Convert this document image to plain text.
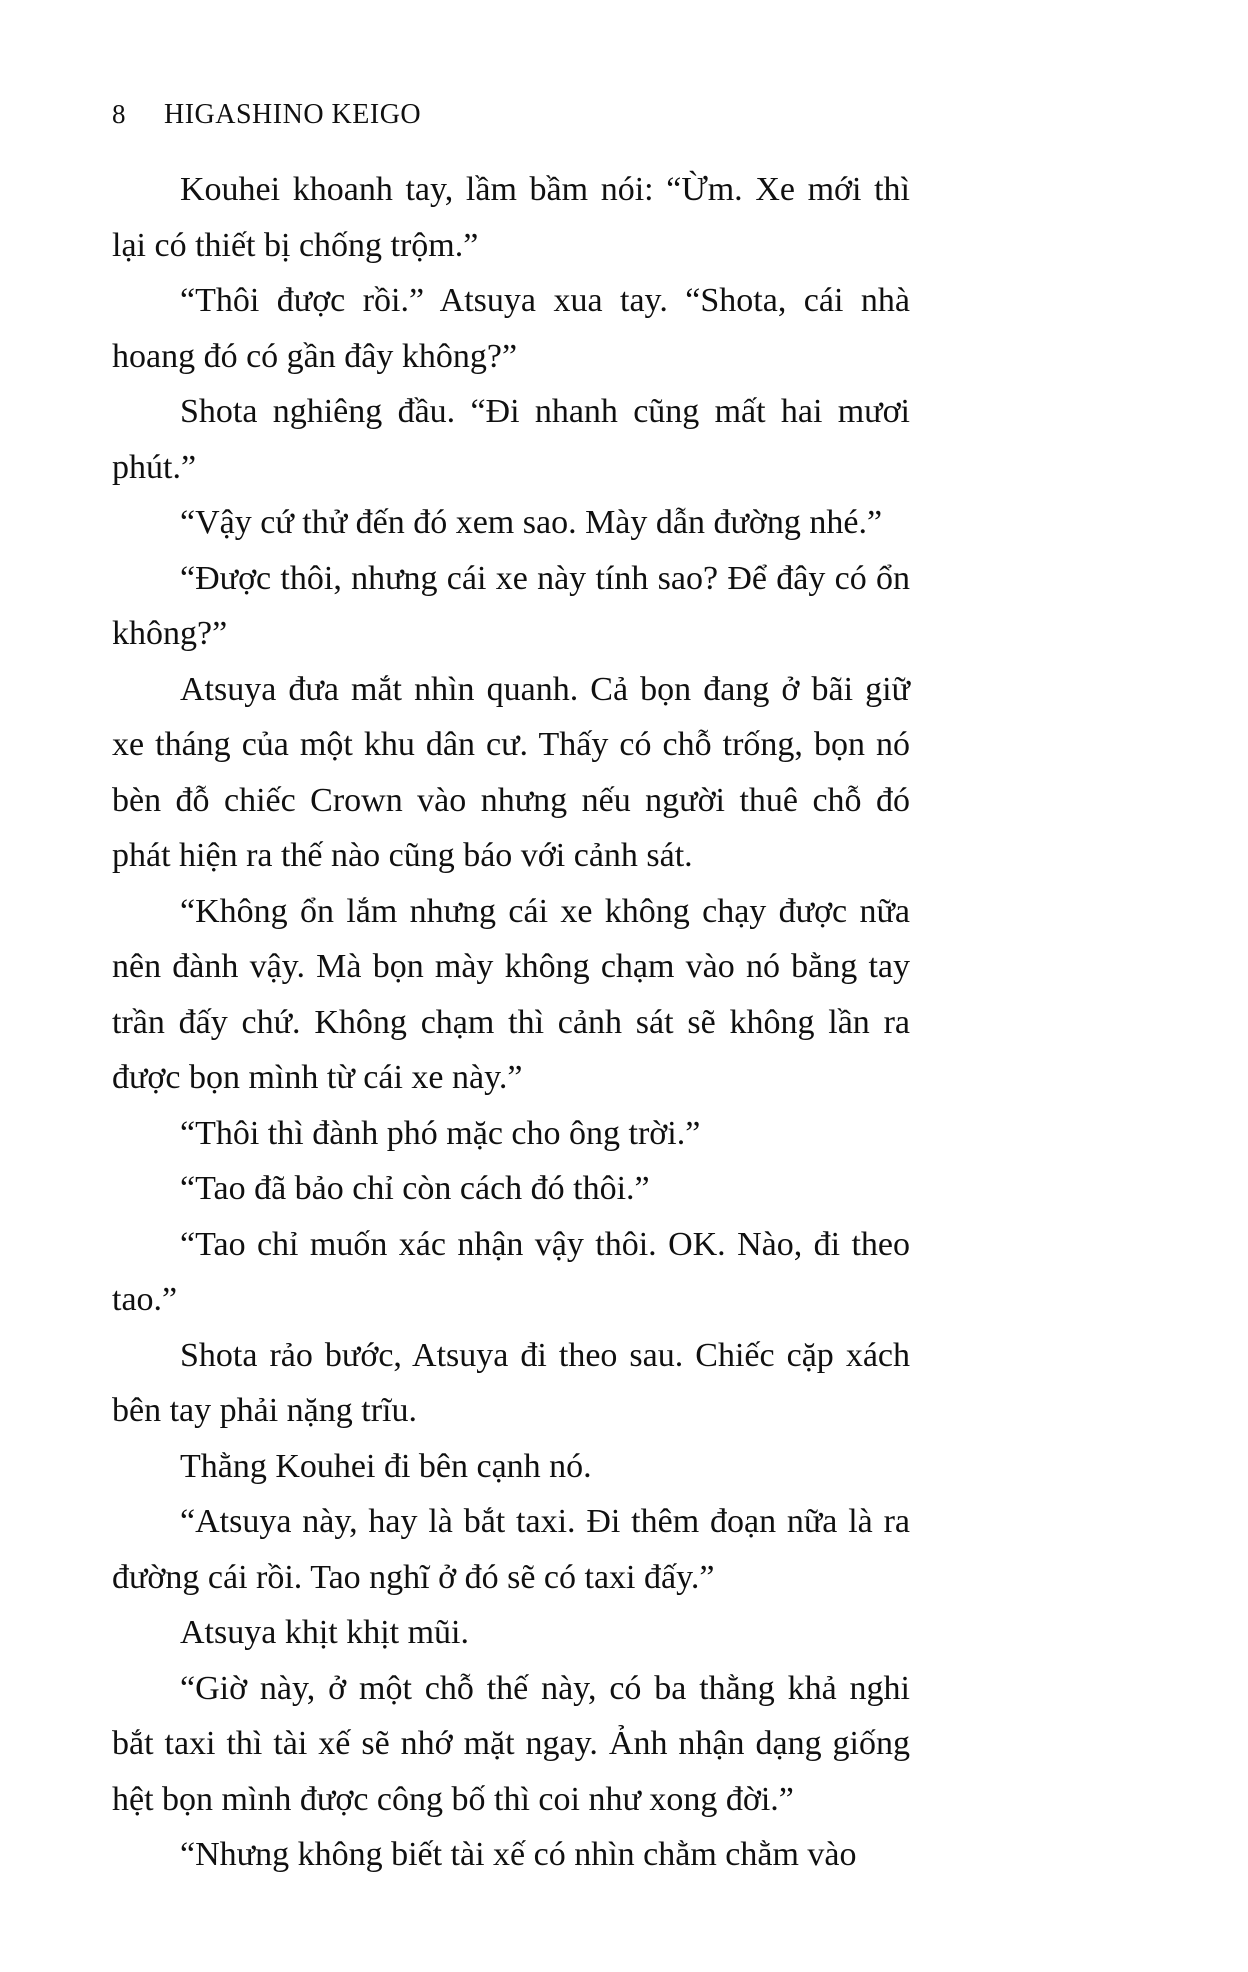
8 HIGASHINO KEIGO

Kouhei khoanh tay, lầm bầm nói: “Ừm. Xe mới thì lại có thiết bị chống trộm.”

“Thôi được rồi.” Atsuya xua tay. “Shota, cái nhà hoang đó có gần đây không?”

Shota nghiêng đầu. “Đi nhanh cũng mất hai mươi phút.”

“Vậy cứ thử đến đó xem sao. Mày dẫn đường nhé.”

“Được thôi, nhưng cái xe này tính sao? Để đây có ổn không?”

Atsuya đưa mắt nhìn quanh. Cả bọn đang ở bãi giữ xe tháng của một khu dân cư. Thấy có chỗ trống, bọn nó bèn đỗ chiếc Crown vào nhưng nếu người thuê chỗ đó phát hiện ra thế nào cũng báo với cảnh sát.

“Không ổn lắm nhưng cái xe không chạy được nữa nên đành vậy. Mà bọn mày không chạm vào nó bằng tay trần đấy chứ. Không chạm thì cảnh sát sẽ không lần ra được bọn mình từ cái xe này.”

“Thôi thì đành phó mặc cho ông trời.”

“Tao đã bảo chỉ còn cách đó thôi.”

“Tao chỉ muốn xác nhận vậy thôi. OK. Nào, đi theo tao.”

Shota rảo bước, Atsuya đi theo sau. Chiếc cặp xách bên tay phải nặng trĩu.

Thằng Kouhei đi bên cạnh nó.

“Atsuya này, hay là bắt taxi. Đi thêm đoạn nữa là ra đường cái rồi. Tao nghĩ ở đó sẽ có taxi đấy.”

Atsuya khịt khịt mũi.

“Giờ này, ở một chỗ thế này, có ba thằng khả nghi bắt taxi thì tài xế sẽ nhớ mặt ngay. Ảnh nhận dạng giống hệt bọn mình được công bố thì coi như xong đời.”

“Nhưng không biết tài xế có nhìn chằm chằm vào
